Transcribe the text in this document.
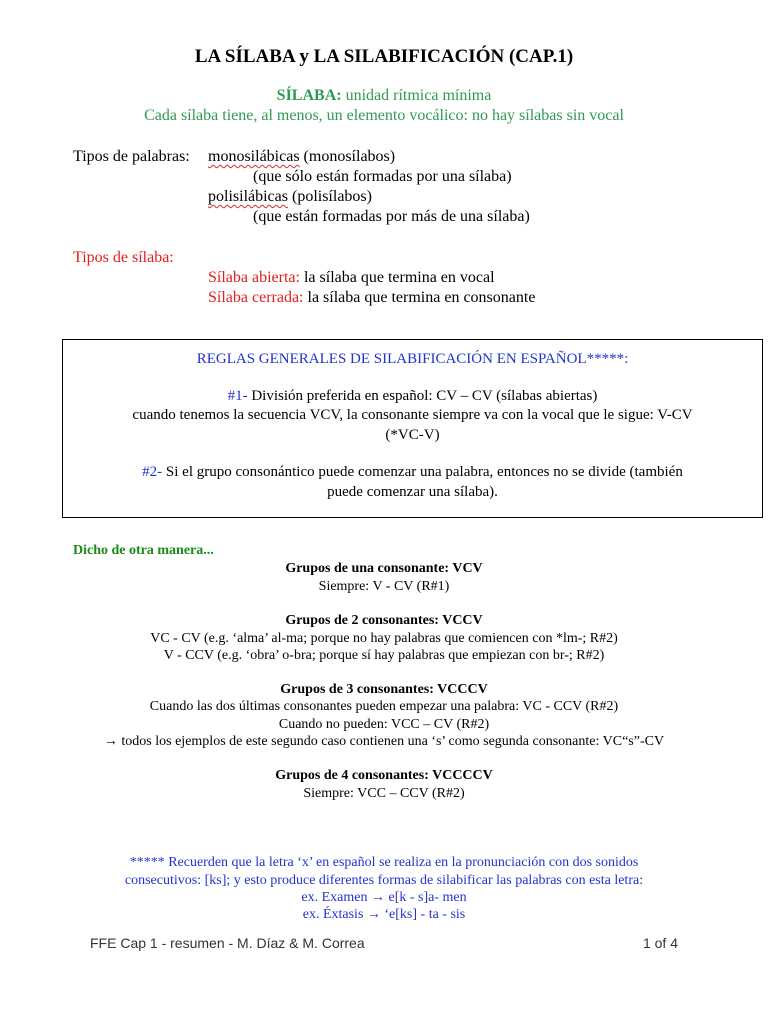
LA SÍLABA y LA SILABIFICACIÓN (CAP.1)
SÍLABA: unidad rítmica mínima
Cada sílaba tiene, al menos, un elemento vocálico: no hay sílabas sin vocal
Tipos de palabras: monosilábicas (monosílabos)
(que sólo están formadas por una sílaba)
polisilábicas (polisílabos)
(que están formadas por más de una sílaba)
Tipos de sílaba:
Sílaba abierta: la sílaba que termina en vocal
Sílaba cerrada: la sílaba que termina en consonante
REGLAS GENERALES DE SILABIFICACIÓN EN ESPAÑOL*****:
#1- División preferida en español: CV – CV (sílabas abiertas)
cuando tenemos la secuencia VCV, la consonante siempre va con la vocal que le sigue: V-CV
(*VC-V)
#2- Si el grupo consonántico puede comenzar una palabra, entonces no se divide (también
puede comenzar una sílaba).
Dicho de otra manera...
Grupos de una consonante: VCV
Siempre: V - CV (R#1)
Grupos de 2 consonantes: VCCV
VC - CV (e.g. ‘alma’ al-ma; porque no hay palabras que comiencen con *lm-; R#2)
V - CCV (e.g. ‘obra’ o-bra; porque sí hay palabras que empiezan con br-; R#2)
Grupos de 3 consonantes: VCCCV
Cuando las dos últimas consonantes pueden empezar una palabra: VC - CCV (R#2)
Cuando no pueden: VCC – CV (R#2)
→ todos los ejemplos de este segundo caso contienen una ‘s’ como segunda consonante: VC“s”-CV
Grupos de 4 consonantes: VCCCCV
Siempre: VCC – CCV (R#2)
***** Recuerden que la letra ‘x’ en español se realiza en la pronunciación con dos sonidos
consecutivos: [ks]; y esto produce diferentes formas de silabificar las palabras con esta letra:
ex. Examen → e[k - s]a- men
ex. Éxtasis → ‘e[ks] - ta - sis
FFE Cap 1 - resumen - M. Díaz & M. Correa	1 of 4
